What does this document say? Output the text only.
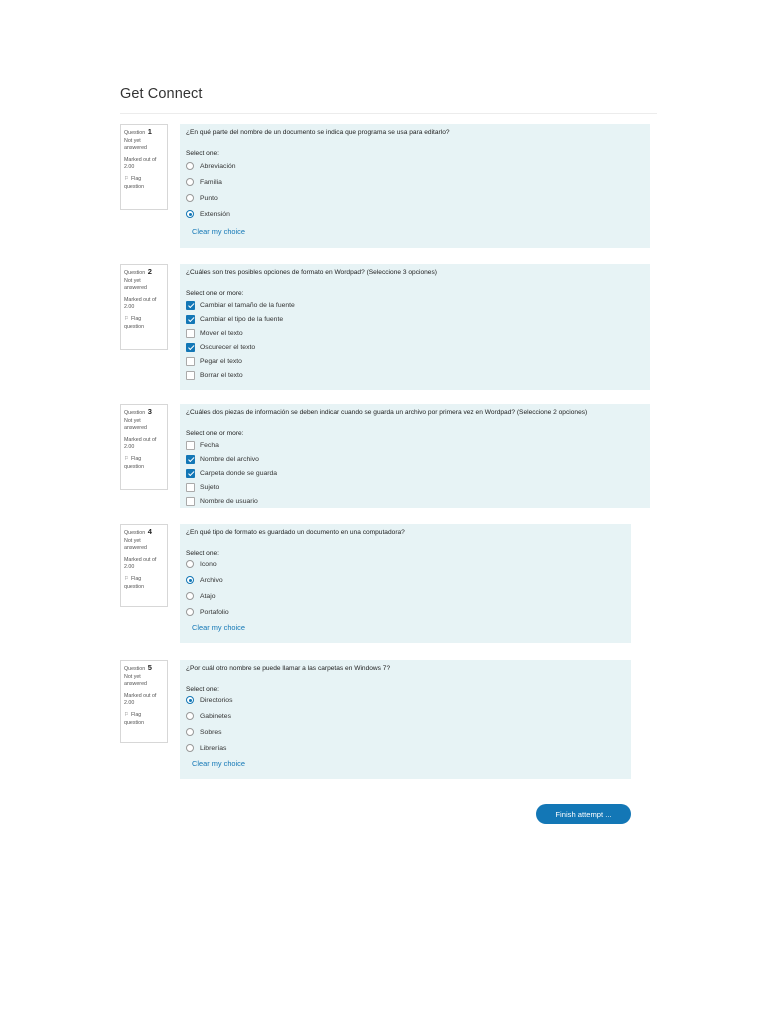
Get Connect
Question 1
Not yet
answered
Marked out of
2.00
⚐ Flag
question
¿En qué parte del nombre de un documento se indica que programa se usa para editarlo?
Select one:
Abreviación
Familia
Punto
Extensión
Clear my choice
Question 2
Not yet
answered
Marked out of
2.00
⚐ Flag
question
¿Cuáles son tres posibles opciones de formato en Wordpad? (Seleccione 3 opciones)
Select one or more:
Cambiar el tamaño de la fuente
Cambiar el tipo de la fuente
Mover el texto
Oscurecer el texto
Pegar el texto
Borrar el texto
Question 3
Not yet
answered
Marked out of
2.00
⚐ Flag
question
¿Cuáles dos piezas de información se deben indicar cuando se guarda un archivo por primera vez en Wordpad? (Seleccione 2 opciones)
Select one or more:
Fecha
Nombre del archivo
Carpeta donde se guarda
Sujeto
Nombre de usuario
Question 4
Not yet
answered
Marked out of
2.00
⚐ Flag
question
¿En qué tipo de formato es guardado un documento en una computadora?
Select one:
Icono
Archivo
Atajo
Portafolio
Clear my choice
Question 5
Not yet
answered
Marked out of
2.00
⚐ Flag
question
¿Por cuál otro nombre se puede llamar a las carpetas en Windows 7?
Select one:
Directorios
Gabinetes
Sobres
Librerías
Clear my choice
Finish attempt ...
